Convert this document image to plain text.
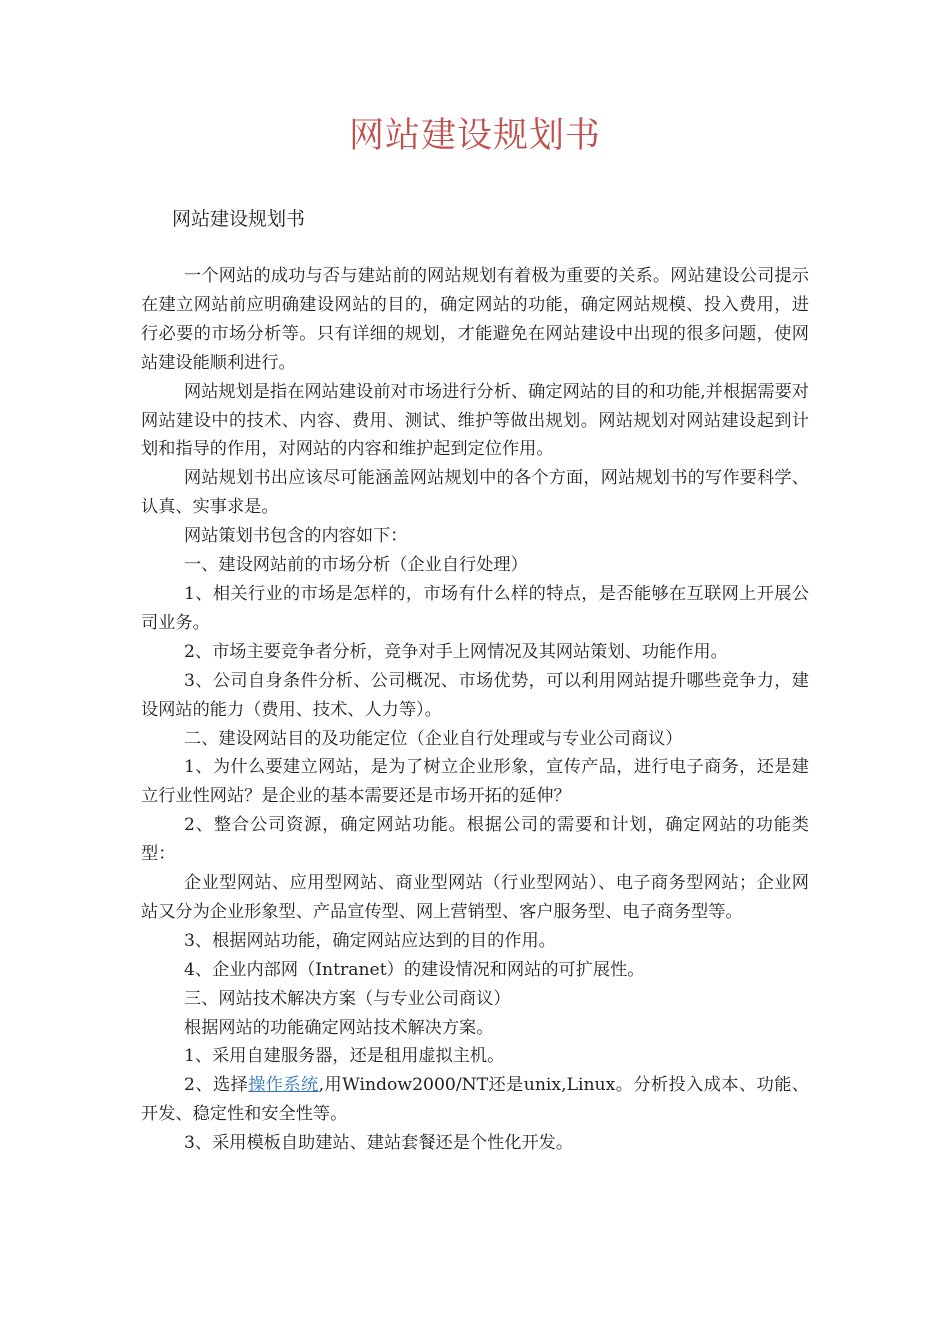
网站建设规划书
网站建设规划书

一个网站的成功与否与建站前的网站规划有着极为重要的关系。网站建设公司提示在建立网站前应明确建设网站的目的，确定网站的功能，确定网站规模、投入费用，进行必要的市场分析等。只有详细的规划，才能避免在网站建设中出现的很多问题，使网站建设能顺利进行。

网站规划是指在网站建设前对市场进行分析、确定网站的目的和功能,并根据需要对网站建设中的技术、内容、费用、测试、维护等做出规划。网站规划对网站建设起到计划和指导的作用，对网站的内容和维护起到定位作用。

网站规划书出应该尽可能涵盖网站规划中的各个方面，网站规划书的写作要科学、认真、实事求是。

网站策划书包含的内容如下：

一、建设网站前的市场分析（企业自行处理）

1、相关行业的市场是怎样的，市场有什么样的特点，是否能够在互联网上开展公司业务。

2、市场主要竞争者分析，竞争对手上网情况及其网站策划、功能作用。

3、公司自身条件分析、公司概况、市场优势，可以利用网站提升哪些竞争力，建设网站的能力（费用、技术、人力等）。

二、建设网站目的及功能定位（企业自行处理或与专业公司商议）

1、为什么要建立网站，是为了树立企业形象，宣传产品，进行电子商务，还是建立行业性网站？是企业的基本需要还是市场开拓的延伸？

2、整合公司资源，确定网站功能。根据公司的需要和计划，确定网站的功能类型：

企业型网站、应用型网站、商业型网站（行业型网站）、电子商务型网站；企业网站又分为企业形象型、产品宣传型、网上营销型、客户服务型、电子商务型等。

3、根据网站功能，确定网站应达到的目的作用。

4、企业内部网（Intranet）的建设情况和网站的可扩展性。

三、网站技术解决方案（与专业公司商议）

根据网站的功能确定网站技术解决方案。

1、采用自建服务器，还是租用虚拟主机。

2、选择操作系统,用Window2000/NT还是unix,Linux。分析投入成本、功能、开发、稳定性和安全性等。

3、采用模板自助建站、建站套餐还是个性化开发。
